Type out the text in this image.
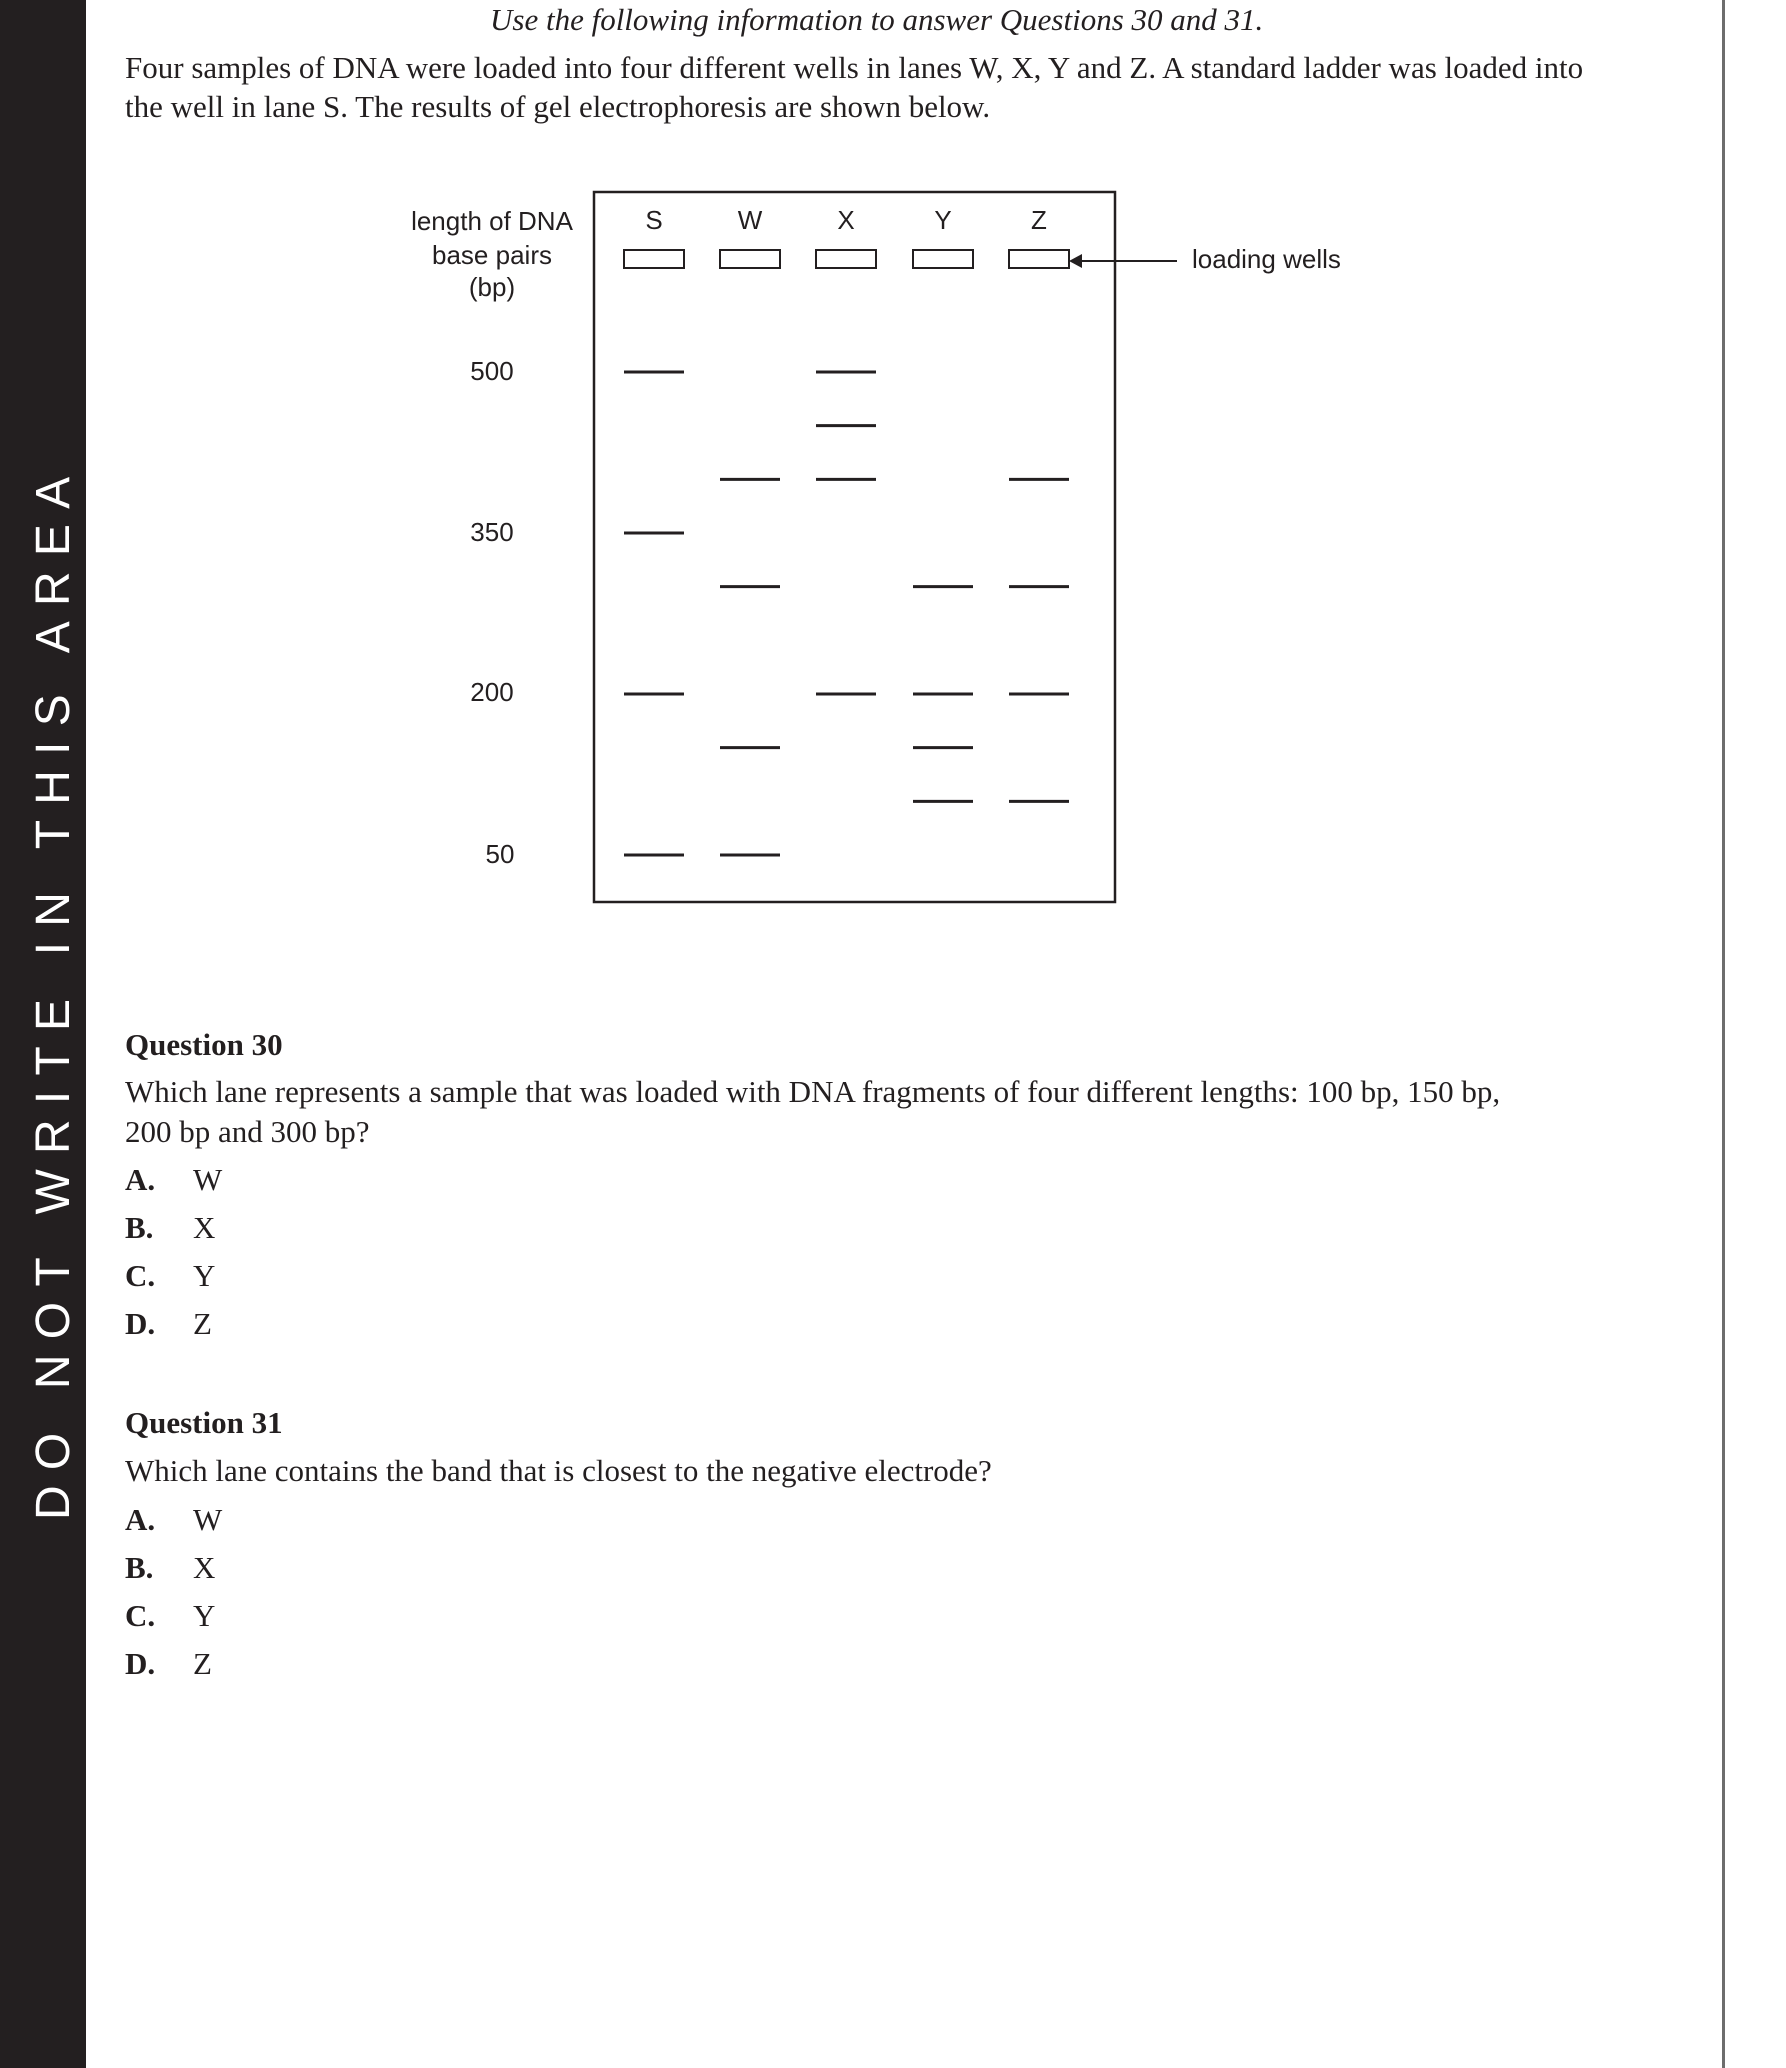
DO NOT WRITE IN THIS AREA

Use the following information to answer Questions 30 and 31.

Four samples of DNA were loaded into four different wells in lanes W, X, Y and Z. A standard ladder was loaded into

the well in lane S. The results of gel electrophoresis are shown below.

length of DNA
base pairs
(bp)
500
350
200
50
S	W	X	Y	Z
loading wells

Question 30

Which lane represents a sample that was loaded with DNA fragments of four different lengths: 100 bp, 150 bp,

200 bp and 300 bp?

A. W
B. X
C. Y
D. Z

Question 31

Which lane contains the band that is closest to the negative electrode?

A. W
B. X
C. Y
D. Z
